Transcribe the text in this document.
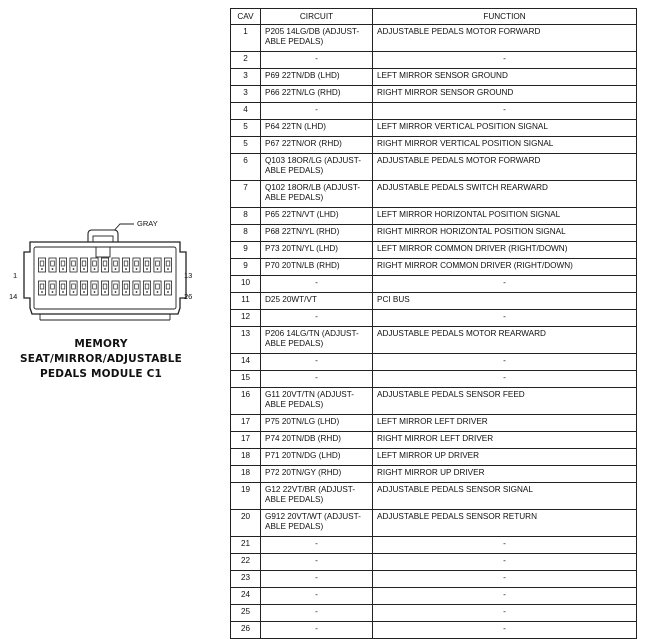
GRAY
1
14
13
26
MEMORY
SEAT/MIRROR/ADJUSTABLE
PEDALS MODULE C1
CAV	CIRCUIT	FUNCTION
1	P205 14LG/DB (ADJUST-
ABLE PEDALS)	ADJUSTABLE PEDALS MOTOR FORWARD
2	-	-
3	P69 22TN/DB (LHD)	LEFT MIRROR SENSOR GROUND
3	P66 22TN/LG (RHD)	RIGHT MIRROR SENSOR GROUND
4	-	-
5	P64 22TN (LHD)	LEFT MIRROR VERTICAL POSITION SIGNAL
5	P67 22TN/OR (RHD)	RIGHT MIRROR VERTICAL POSITION SIGNAL
6	Q103 18OR/LG (ADJUST-
ABLE PEDALS)	ADJUSTABLE PEDALS MOTOR FORWARD
7	Q102 18OR/LB (ADJUST-
ABLE PEDALS)	ADJUSTABLE PEDALS SWITCH REARWARD
8	P65 22TN/VT (LHD)	LEFT MIRROR HORIZONTAL POSITION SIGNAL
8	P68 22TN/YL (RHD)	RIGHT MIRROR HORIZONTAL POSITION SIGNAL
9	P73 20TN/YL (LHD)	LEFT MIRROR COMMON DRIVER (RIGHT/DOWN)
9	P70 20TN/LB (RHD)	RIGHT MIRROR COMMON DRIVER (RIGHT/DOWN)
10	-	-
11	D25 20WT/VT	PCI BUS
12	-	-
13	P206 14LG/TN (ADJUST-
ABLE PEDALS)	ADJUSTABLE PEDALS MOTOR REARWARD
14	-	-
15	-	-
16	G11 20VT/TN (ADJUST-
ABLE PEDALS)	ADJUSTABLE PEDALS SENSOR FEED
17	P75 20TN/LG (LHD)	LEFT MIRROR LEFT DRIVER
17	P74 20TN/DB (RHD)	RIGHT MIRROR LEFT DRIVER
18	P71 20TN/DG (LHD)	LEFT MIRROR UP DRIVER
18	P72 20TN/GY (RHD)	RIGHT MIRROR UP DRIVER
19	G12 22VT/BR (ADJUST-
ABLE PEDALS)	ADJUSTABLE PEDALS SENSOR SIGNAL
20	G912 20VT/WT (ADJUST-
ABLE PEDALS)	ADJUSTABLE PEDALS SENSOR RETURN
21	-	-
22	-	-
23	-	-
24	-	-
25	-	-
26	-	-
